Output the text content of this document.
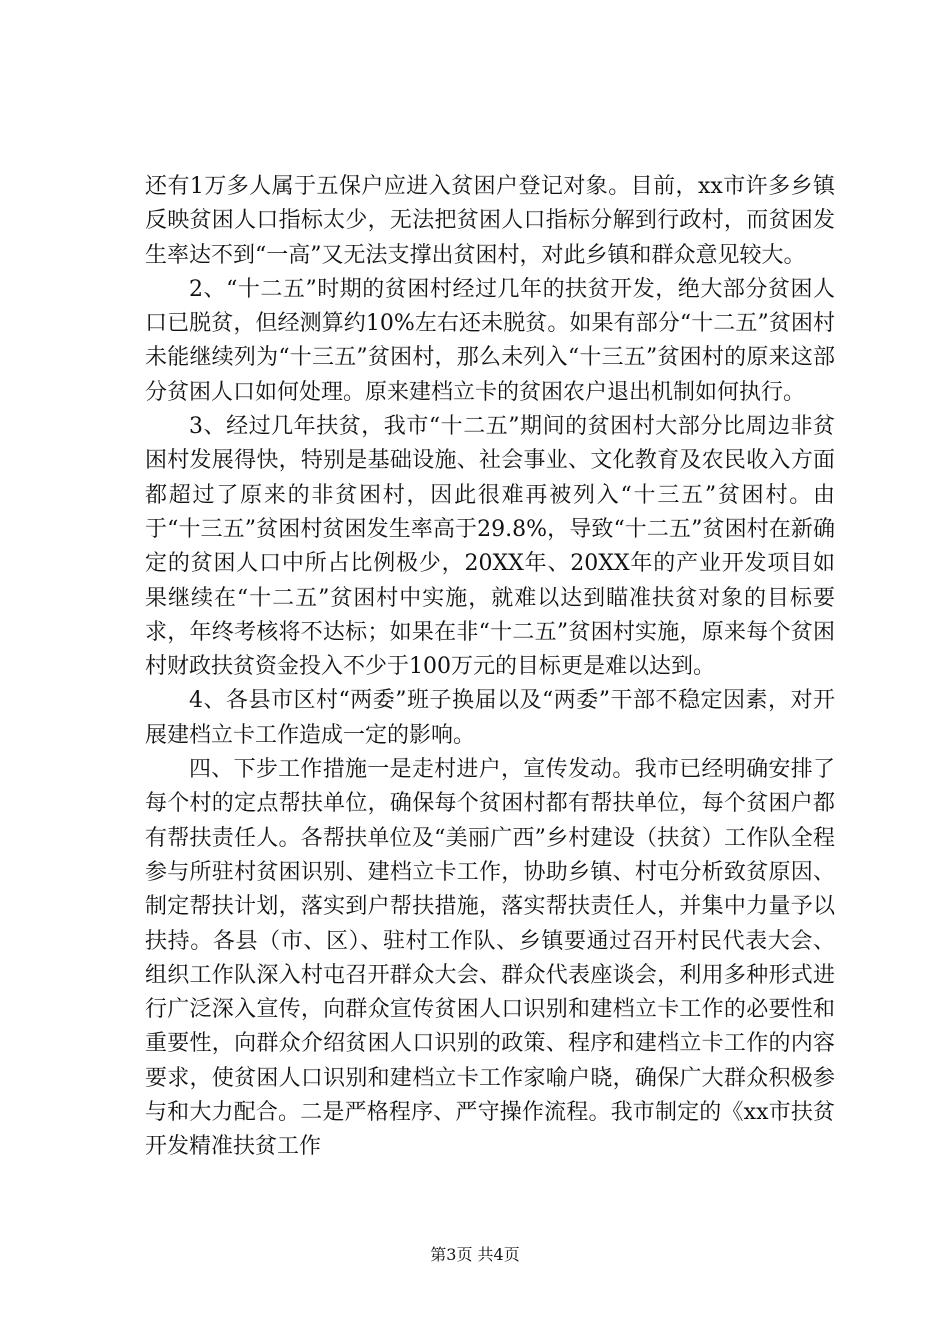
还有1万多人属于五保户应进入贫困户登记对象。目前，xx市许多乡镇反映贫困人口指标太少，无法把贫困人口指标分解到行政村，而贫困发生率达不到“一高”又无法支撑出贫困村，对此乡镇和群众意见较大。

2、“十二五”时期的贫困村经过几年的扶贫开发，绝大部分贫困人口已脱贫，但经测算约10%左右还未脱贫。如果有部分“十二五”贫困村未能继续列为“十三五”贫困村，那么未列入“十三五”贫困村的原来这部分贫困人口如何处理。原来建档立卡的贫困农户退出机制如何执行。

3、经过几年扶贫，我市“十二五”期间的贫困村大部分比周边非贫困村发展得快，特别是基础设施、社会事业、文化教育及农民收入方面都超过了原来的非贫困村，因此很难再被列入“十三五”贫困村。由于“十三五”贫困村贫困发生率高于29.8%，导致“十二五”贫困村在新确定的贫困人口中所占比例极少，20XX年、20XX年的产业开发项目如果继续在“十二五”贫困村中实施，就难以达到瞄准扶贫对象的目标要求，年终考核将不达标；如果在非“十二五”贫困村实施，原来每个贫困村财政扶贫资金投入不少于100万元的目标更是难以达到。

4、各县市区村“两委”班子换届以及“两委”干部不稳定因素，对开展建档立卡工作造成一定的影响。

四、下步工作措施一是走村进户，宣传发动。我市已经明确安排了每个村的定点帮扶单位，确保每个贫困村都有帮扶单位，每个贫困户都有帮扶责任人。各帮扶单位及“美丽广西”乡村建设（扶贫）工作队全程参与所驻村贫困识别、建档立卡工作，协助乡镇、村屯分析致贫原因、制定帮扶计划，落实到户帮扶措施，落实帮扶责任人，并集中力量予以扶持。各县（市、区）、驻村工作队、乡镇要通过召开村民代表大会、组织工作队深入村屯召开群众大会、群众代表座谈会，利用多种形式进行广泛深入宣传，向群众宣传贫困人口识别和建档立卡工作的必要性和重要性，向群众介绍贫困人口识别的政策、程序和建档立卡工作的内容要求，使贫困人口识别和建档立卡工作家喻户晓，确保广大群众积极参与和大力配合。二是严格程序、严守操作流程。我市制定的《xx市扶贫开发精准扶贫工作

第3页 共4页
